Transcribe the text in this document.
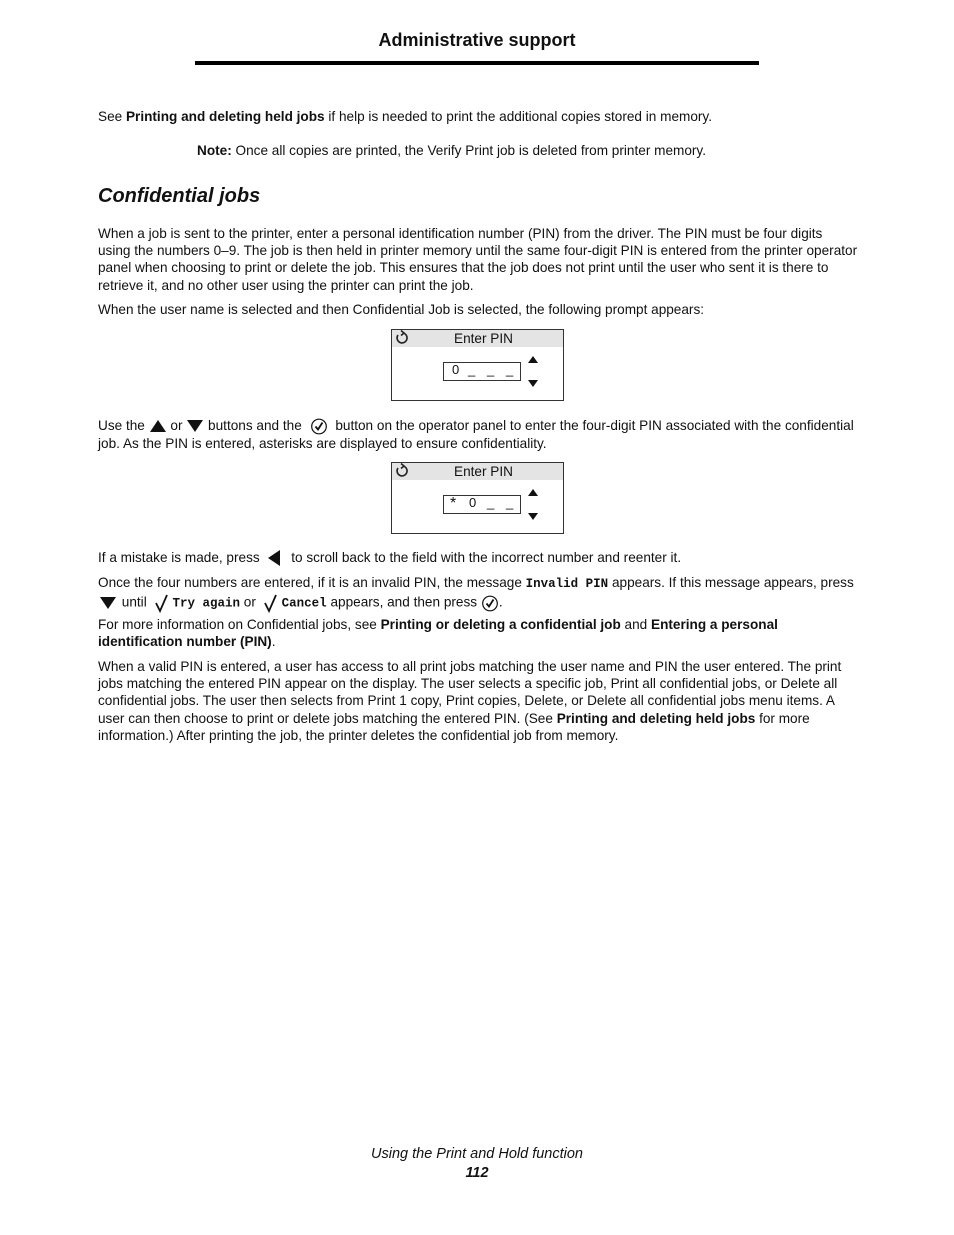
Administrative support
See Printing and deleting held jobs if help is needed to print the additional copies stored in memory.
Note: Once all copies are printed, the Verify Print job is deleted from printer memory.
Confidential jobs
When a job is sent to the printer, enter a personal identification number (PIN) from the driver. The PIN must be four digits using the numbers 0–9. The job is then held in printer memory until the same four-digit PIN is entered from the printer operator panel when choosing to print or delete the job. This ensures that the job does not print until the user who sent it is there to retrieve it, and no other user using the printer can print the job.
When the user name is selected and then Confidential Job is selected, the following prompt appears:
Enter PIN
0 _ _ _
Use the  or  buttons and the  button on the operator panel to enter the four-digit PIN associated with the confidential job. As the PIN is entered, asterisks are displayed to ensure confidentiality.
Enter PIN
* 0 _ _
If a mistake is made, press  to scroll back to the field with the incorrect number and reenter it.
Once the four numbers are entered, if it is an invalid PIN, the message Invalid PIN appears. If this message appears, press  until Try again or Cancel appears, and then press .
For more information on Confidential jobs, see Printing or deleting a confidential job and Entering a personal identification number (PIN).
When a valid PIN is entered, a user has access to all print jobs matching the user name and PIN the user entered. The print jobs matching the entered PIN appear on the display. The user selects a specific job, Print all confidential jobs, or Delete all confidential jobs. The user then selects from Print 1 copy, Print copies, Delete, or Delete all confidential jobs menu items. A user can then choose to print or delete jobs matching the entered PIN. (See Printing and deleting held jobs for more information.) After printing the job, the printer deletes the confidential job from memory.
Using the Print and Hold function
112
